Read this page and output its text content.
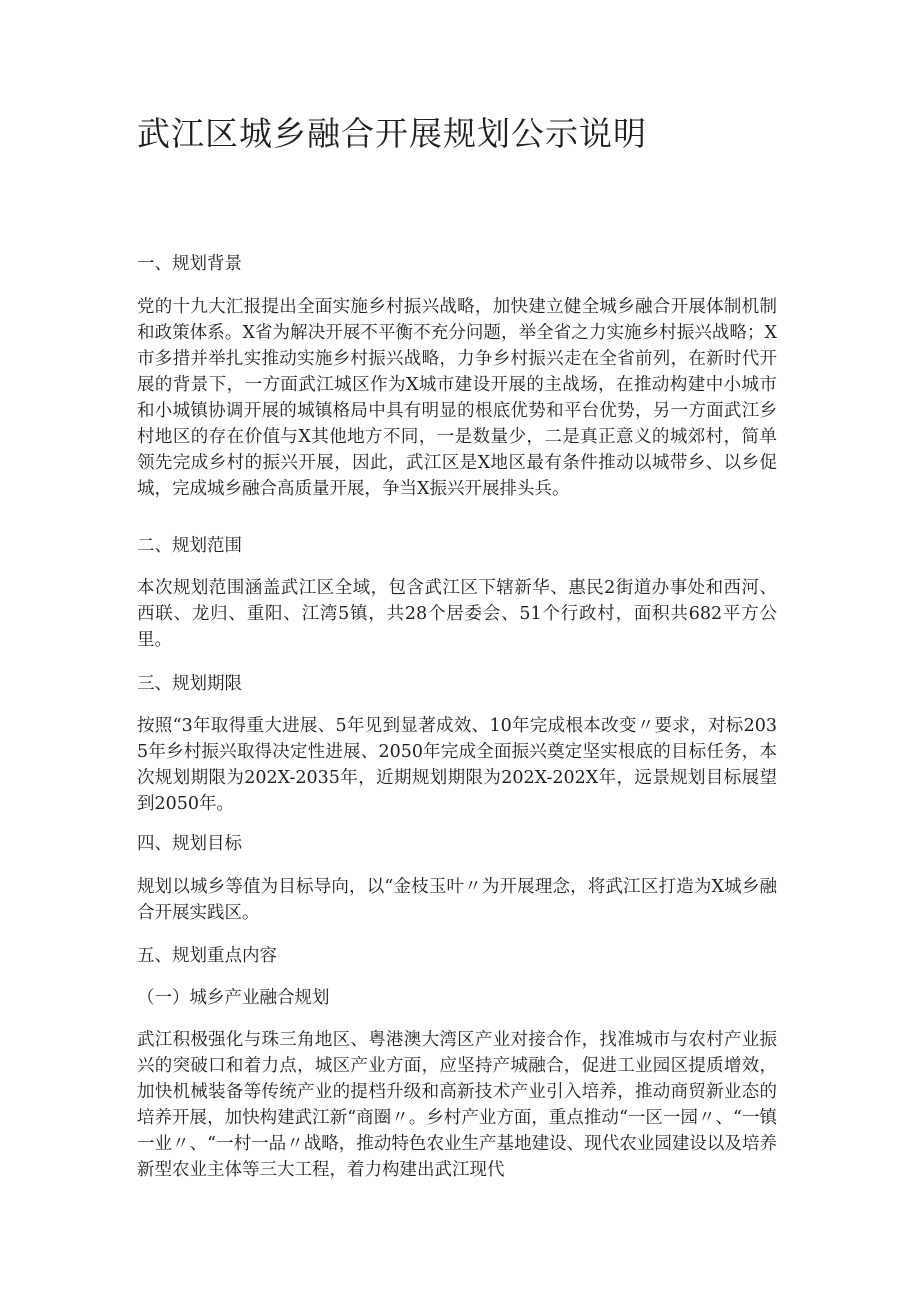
武江区城乡融合开展规划公示说明

一、规划背景

党的十九大汇报提出全面实施乡村振兴战略，加快建立健全城乡融合开展体制机制和政策体系。X省为解决开展不平衡不充分问题，举全省之力实施乡村振兴战略；X市多措并举扎实推动实施乡村振兴战略，力争乡村振兴走在全省前列，在新时代开展的背景下，一方面武江城区作为X城市建设开展的主战场，在推动构建中小城市和小城镇协调开展的城镇格局中具有明显的根底优势和平台优势，另一方面武江乡村地区的存在价值与X其他地方不同，一是数量少，二是真正意义的城郊村，简单领先完成乡村的振兴开展，因此，武江区是X地区最有条件推动以城带乡、以乡促城，完成城乡融合高质量开展，争当X振兴开展排头兵。

二、规划范围

本次规划范围涵盖武江区全域，包含武江区下辖新华、惠民2街道办事处和西河、西联、龙归、重阳、江湾5镇，共28个居委会、51个行政村，面积共682平方公里。

三、规划期限

按照“3年取得重大进展、5年见到显著成效、10年完成根本改变〃要求，对标2035年乡村振兴取得决定性进展、2050年完成全面振兴奠定坚实根底的目标任务，本次规划期限为202X-2035年，近期规划期限为202X-202X年，远景规划目标展望到2050年。

四、规划目标

规划以城乡等值为目标导向，以“金枝玉叶〃为开展理念，将武江区打造为X城乡融合开展实践区。

五、规划重点内容

（一）城乡产业融合规划

武江积极强化与珠三角地区、粤港澳大湾区产业对接合作，找准城市与农村产业振兴的突破口和着力点，城区产业方面，应坚持产城融合，促进工业园区提质增效，加快机械装备等传统产业的提档升级和高新技术产业引入培养，推动商贸新业态的培养开展，加快构建武江新“商圈〃。乡村产业方面，重点推动“一区一园〃、“一镇一业〃、“一村一品〃战略，推动特色农业生产基地建设、现代农业园建设以及培养新型农业主体等三大工程，着力构建出武江现代
